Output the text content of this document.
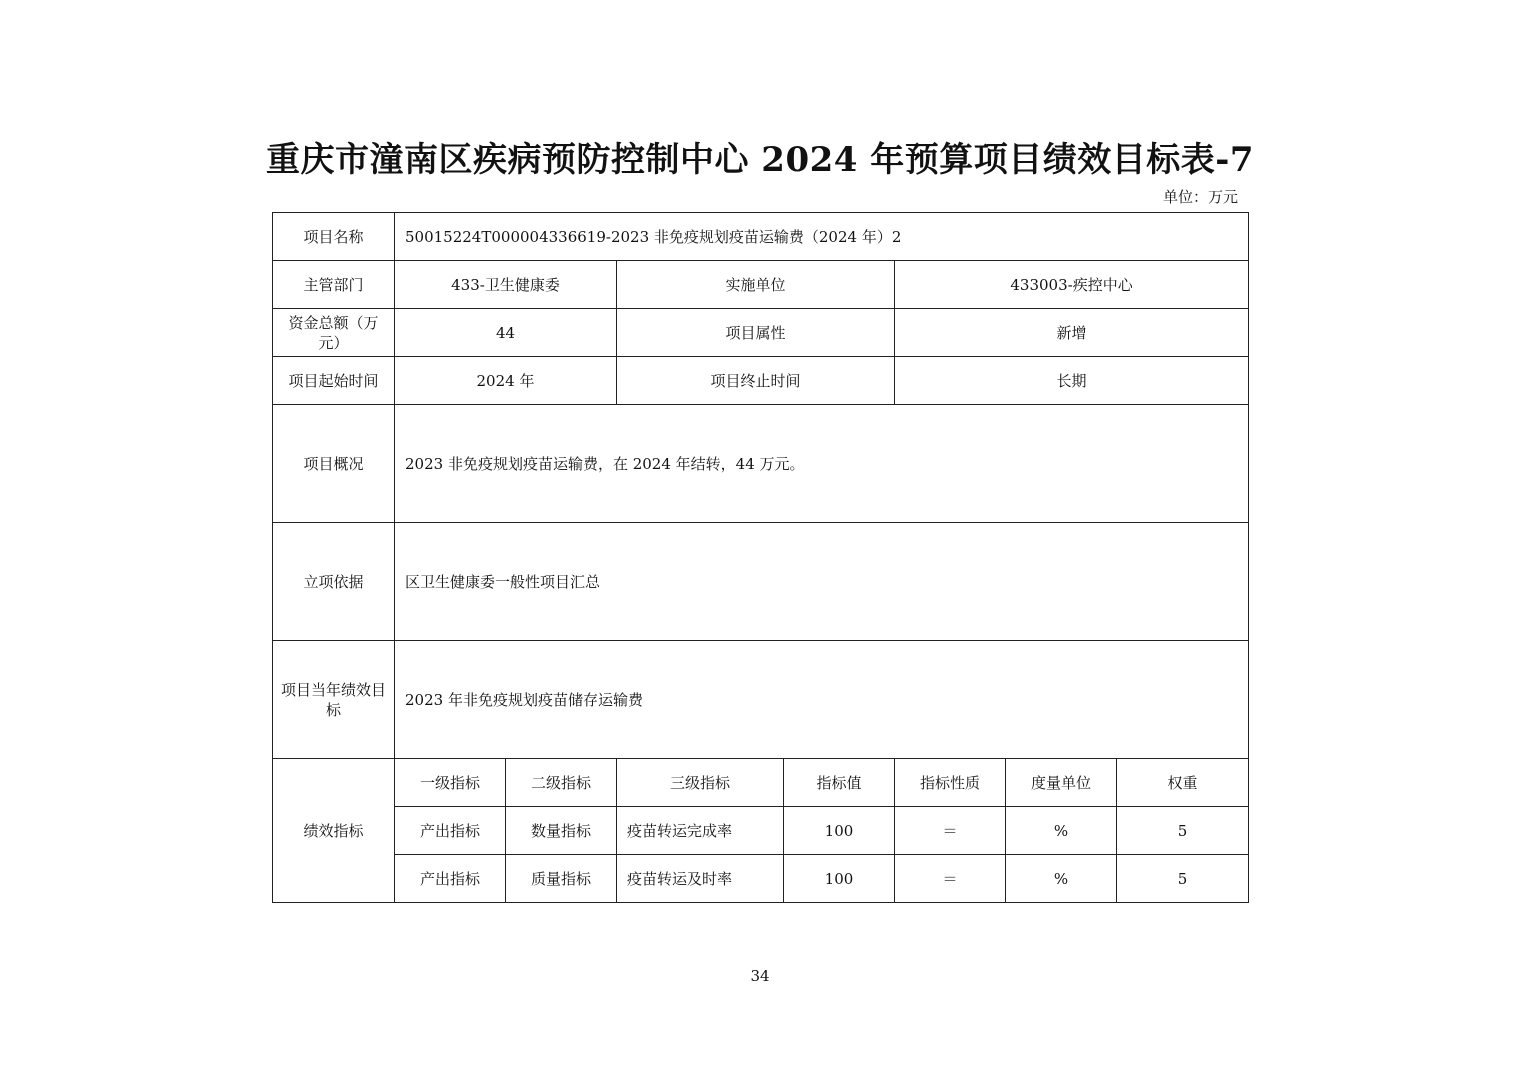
重庆市潼南区疾病预防控制中心 2024 年预算项目绩效目标表-7
单位：万元
项目名称	50015224T000004336619-2023 非免疫规划疫苗运输费（2024 年）2						
主管部门	433-卫生健康委		实施单位		433003-疾控中心		
资金总额（万元）	44		项目属性		新增		
项目起始时间	2024 年		项目终止时间		长期		
项目概况	2023 非免疫规划疫苗运输费，在 2024 年结转，44 万元。						
立项依据	区卫生健康委一般性项目汇总						
项目当年绩效目标	2023 年非免疫规划疫苗储存运输费						
绩效指标	一级指标	二级指标	三级指标	指标值	指标性质	度量单位	权重
	产出指标	数量指标	疫苗转运完成率	100	＝	%	5
	产出指标	质量指标	疫苗转运及时率	100	＝	%	5
34
